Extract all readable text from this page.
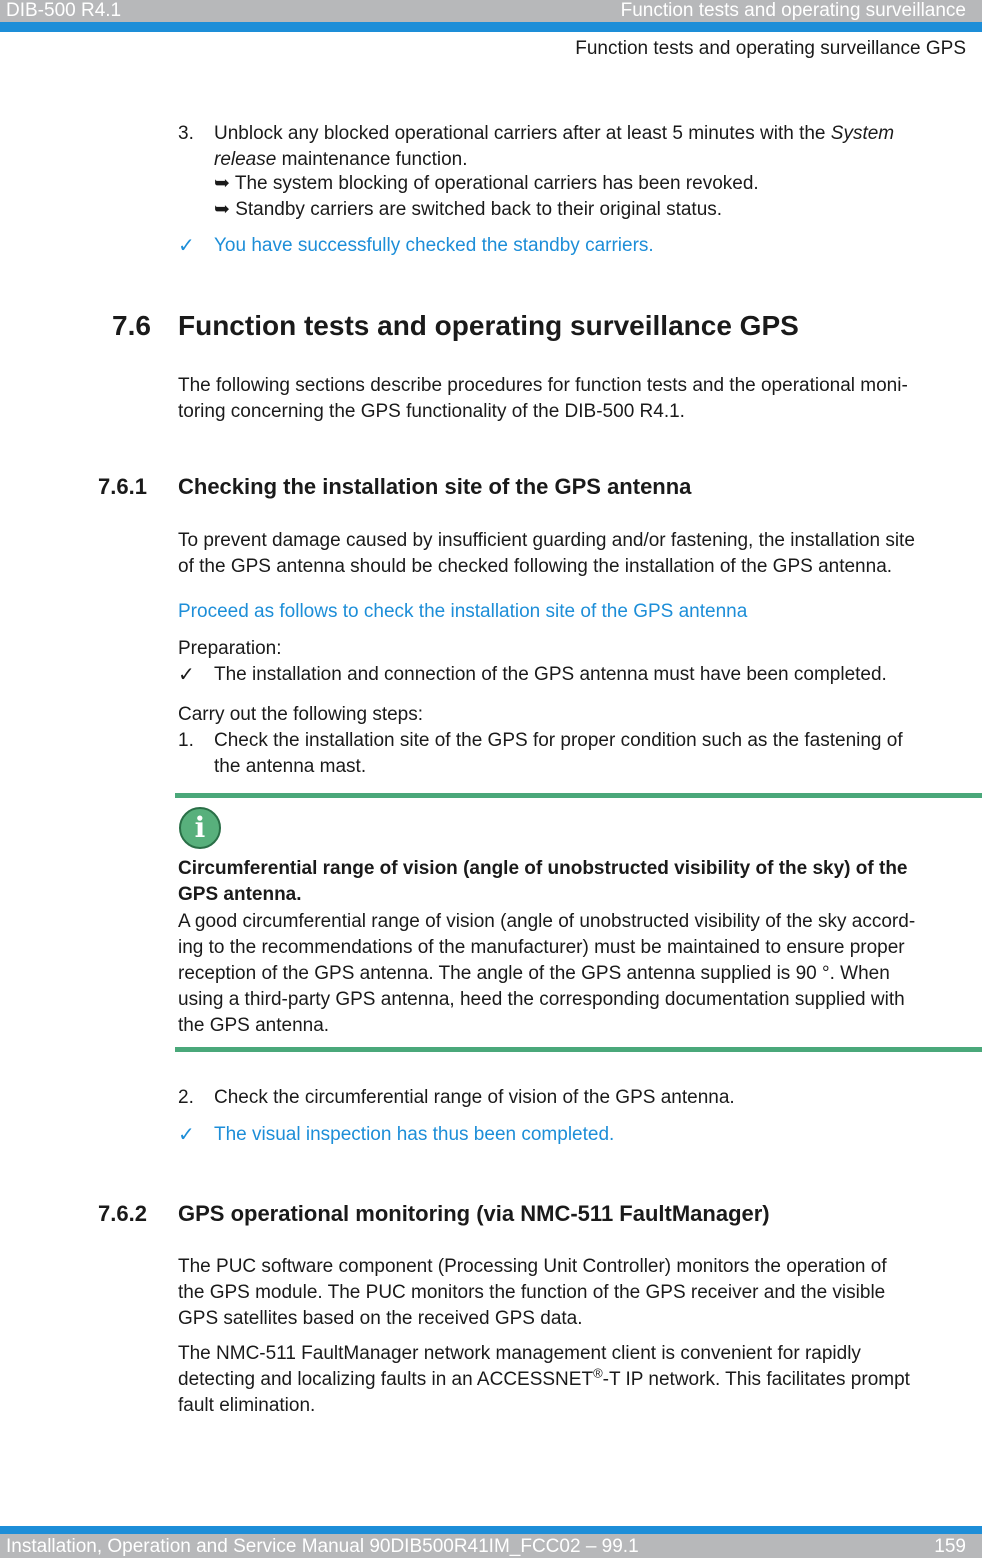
DIB-500 R4.1	Function tests and operating surveillance
Function tests and operating surveillance GPS
3. Unblock any blocked operational carriers after at least 5 minutes with the System
release maintenance function.
➥ The system blocking of operational carriers has been revoked.
➥ Standby carriers are switched back to their original status.
✓ You have successfully checked the standby carriers.
7.6 Function tests and operating surveillance GPS
The following sections describe procedures for function tests and the operational moni-
toring concerning the GPS functionality of the DIB-500 R4.1.
7.6.1 Checking the installation site of the GPS antenna
To prevent damage caused by insufficient guarding and/or fastening, the installation site
of the GPS antenna should be checked following the installation of the GPS antenna.
Proceed as follows to check the installation site of the GPS antenna
Preparation:
✓ The installation and connection of the GPS antenna must have been completed.
Carry out the following steps:
1. Check the installation site of the GPS for proper condition such as the fastening of
the antenna mast.
i
Circumferential range of vision (angle of unobstructed visibility of the sky) of the
GPS antenna.
A good circumferential range of vision (angle of unobstructed visibility of the sky accord-
ing to the recommendations of the manufacturer) must be maintained to ensure proper
reception of the GPS antenna. The angle of the GPS antenna supplied is 90 °. When
using a third-party GPS antenna, heed the corresponding documentation supplied with
the GPS antenna.
2. Check the circumferential range of vision of the GPS antenna.
✓ The visual inspection has thus been completed.
7.6.2 GPS operational monitoring (via NMC-511 FaultManager)
The PUC software component (Processing Unit Controller) monitors the operation of
the GPS module. The PUC monitors the function of the GPS receiver and the visible
GPS satellites based on the received GPS data.
The NMC-511 FaultManager network management client is convenient for rapidly
detecting and localizing faults in an ACCESSNET®-T IP network. This facilitates prompt
fault elimination.
Installation, Operation and Service Manual 90DIB500R41IM_FCC02 – 99.1	159
